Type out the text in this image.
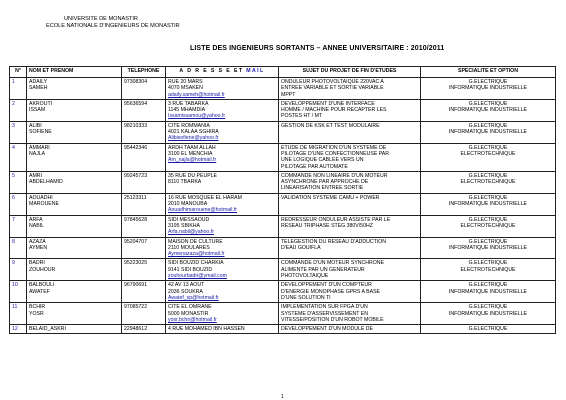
UNIVERSITE DE MONASTIR
ECOLE NATIONALE D'INGENIEURS DE MONASTIR
LISTE DES INGENIEURS SORTANTS – ANNEE UNIVERSITAIRE : 2010/2011
N°	NOM ET PRENOM	TELEPHONE	A D R E S S E ET MAIL	SUJET DU PROJET DE FIN D'ETUDES	SPECIALITE ET OPTION
1	ADAILY
SAMEH	97308304	RUE 20 MARS
4070 MSAKEN
adaily.sameh@hotmail.fr	ONDULEUR PHOTOVOLTAIQUE 220VAC A
ENTREE VARIABLE ET SORTIE VARIABLE
MPPT	G.ELECTRIQUE
INFORMATIQUE INDUSTRIELLE

2	AKROUTI
ISSAM	95636594	3 RUE TABARKA
1145 MHAMDIA
Issamissamou@yahoo.fr	DEVELOPPEMENT D'UNE INTERFACE
HOMME / MACHINE POUR RECAPTER LES
POSTES HT / MT	G.ELECTRIQUE
INFORMATIQUE INDUSTRIELLE

3	ALIBI
SOFIENE	98210333	CITE ROMMANIA
4021 KALAA SGHIRA
Alibisofiene@yahoo.fr	GESTION DE KSK ET TEST MODULAIRE	G.ELECTRIQUE
INFORMATIQUE INDUSTRIELLE

4	AMMARI
NAJLA	95442346	ARDH TAAM ALLAH
3100 EL MENCHIA
Am_najla@hotmail.fr	ETUDE DE MIGRATION D'UN SYSTEME DE
PILOTAGE D'UNE CONFECTIONNEUSE PAR
UNE LOGIQUE CABLEE VERS UN
PILOTAGE PAR AUTOMATE	G.ELECTRIQUE
ELECTROTECHNIQUE

5	AMRI
ABDELHAMID	99245723	35 RUE DU PEUPLE
8110 TBARKA	COMMANDE NON LINEAIRE D'UN MOTEUR
ASYNCHRONE PAR APPROCHE DE
LINEARISATION ENTREE SORTIE	G.ELECTRIQUE
ELECTROTECHNIQUE

6	AOUADHI
MAROUENE	25123311	16 RUE MOSQUEE EL HARAM
2010 MANOUBA
Aouadhimarouene@hotmail.fr	VALIDATION SYSTEME CAMU + POWER	G.ELECTRIQUE
INFORMATIQUE INDUSTRIELLE

7	ARFA
NABIL	97845628	SIDI MESSAOUD
3195 SBIKHA
Arfa.nabil@yahoo.fr	REDRESSEUR ONDULEUR ASSISTE PAR LE
RESEAU TRIPHASE STEG 380V/50HZ	G.ELECTRIQUE
ELECTROTECHNIQUE

8	AZAZA
AYMEN	95204707	MAISON DE CULTURE
2110 MOULARES
Aymenazaza@hotmail.fr	TELEGESTION DU RESEAU D'ADDUCTION
D'EAU GOUIFLA	G.ELECTRIQUE
INFORMATIQUE INDUSTRIELLE

9	BADRI
ZOUHOUR	95223025	SIDI BOUZID CHARKIA
9141 SIDI BOUZID
zouhourbadri@ymail.com	COMMANDE D'UN MOTEUR SYNCHRONE
ALIMENTE PAR UN GENERATEUR
PHOTOVOLTAIQUE	G.ELECTRIQUE
ELECTROTECHNIQUE

10	BALBOULI
AWATEF	96790691	42 AV 13 AOUT
2036 SOUKRA
Awatef_sp@hotmail.fr	DEVELOPPEMENT D'UN COMPTEUR
D'ENERGIE MONOPHASE GPRS A BASE
D'UNE SOLUTION TI	G.ELECTRIQUE
INFORMATIQUE INDUSTRIELLE

11	BCHIR
YOSR	97085722	CITE EL OMRANE
5000 MONASTIR
yosr.bchir@hotmail.fr	IMPLEMENTATION SUR FPGA D'UN
SYSTEME D'ASSERVISSEMENT EN
VITESSE/POSITION D'UN ROBOT MOBILE	G.ELECTRIQUE
INFORMATIQUE INDUSTRIELLE

12	BELAID_ASKRI	22948612	4 RUE MOHAMED IBN HASSEN	DEVELOPPEMENT D'UN MODULE DE	G.ELECTRIQUE
1
